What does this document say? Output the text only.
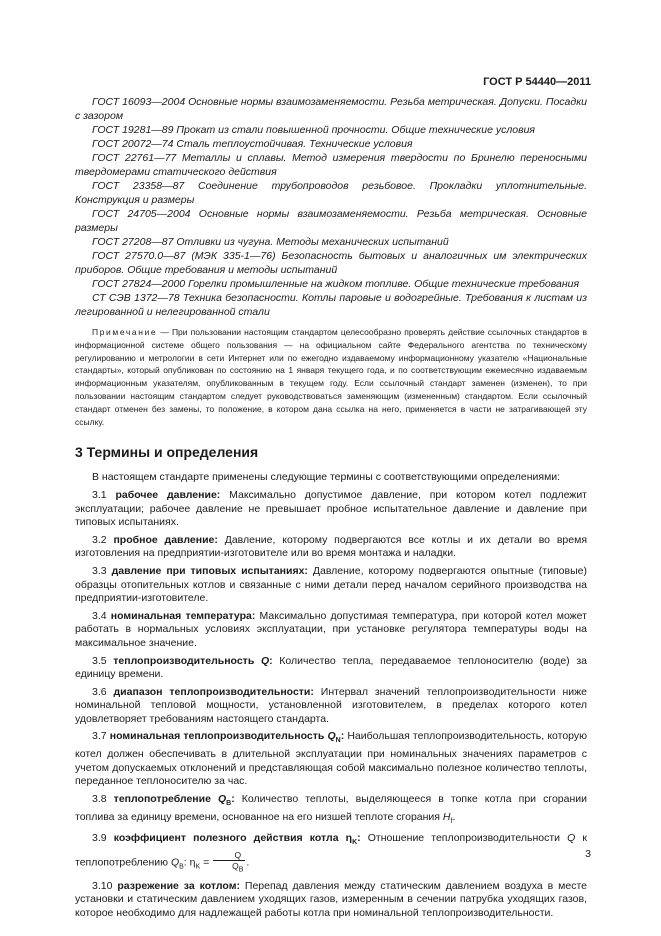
ГОСТ Р 54440—2011

ГОСТ 16093—2004 Основные нормы взаимозаменяемости. Резьба метрическая. Допуски. Посадки с зазором

ГОСТ 19281—89 Прокат из стали повышенной прочности. Общие технические условия

ГОСТ 20072—74 Сталь теплоустойчивая. Технические условия

ГОСТ 22761—77 Металлы и сплавы. Метод измерения твердости по Бринелю переносными твердомерами статического действия

ГОСТ 23358—87 Соединение трубопроводов резьбовое. Прокладки уплотнительные. Конструкция и размеры

ГОСТ 24705—2004 Основные нормы взаимозаменяемости. Резьба метрическая. Основные размеры

ГОСТ 27208—87 Отливки из чугуна. Методы механических испытаний

ГОСТ 27570.0—87 (МЭК 335-1—76) Безопасность бытовых и аналогичных им электрических приборов. Общие требования и методы испытаний

ГОСТ 27824—2000 Горелки промышленные на жидком топливе. Общие технические требования

СТ СЭВ 1372—78 Техника безопасности. Котлы паровые и водогрейные. Требования к листам из легированной и нелегированной стали

Примечание — При пользовании настоящим стандартом целесообразно проверять действие ссылочных стандартов в информационной системе общего пользования — на официальном сайте Федерального агентства по техническому регулированию и метрологии в сети Интернет или по ежегодно издаваемому информационному указателю «Национальные стандарты», который опубликован по состоянию на 1 января текущего года, и по соответствующим ежемесячно издаваемым информационным указателям, опубликованным в текущем году. Если ссылочный стандарт заменен (изменен), то при пользовании настоящим стандартом следует руководствоваться заменяющим (измененным) стандартом. Если ссылочный стандарт отменен без замены, то положение, в котором дана ссылка на него, применяется в части не затрагивающей эту ссылку.

3 Термины и определения

В настоящем стандарте применены следующие термины с соответствующими определениями:

3.1 рабочее давление: Максимально допустимое давление, при котором котел подлежит эксплуатации; рабочее давление не превышает пробное испытательное давление и давление при типовых испытаниях.

3.2 пробное давление: Давление, которому подвергаются все котлы и их детали во время изготовления на предприятии-изготовителе или во время монтажа и наладки.

3.3 давление при типовых испытаниях: Давление, которому подвергаются опытные (типовые) образцы отопительных котлов и связанные с ними детали перед началом серийного производства на предприятии-изготовителе.

3.4 номинальная температура: Максимально допустимая температура, при которой котел может работать в нормальных условиях эксплуатации, при установке регулятора температуры воды на максимальное значение.

3.5 теплопроизводительность Q: Количество тепла, передаваемое теплоносителю (воде) за единицу времени.

3.6 диапазон теплопроизводительности: Интервал значений теплопроизводительности ниже номинальной тепловой мощности, установленной изготовителем, в пределах которого котел удовлетворяет требованиям настоящего стандарта.

3.7 номинальная теплопроизводительность $Q_N$: Наибольшая теплопроизводительность, которую котел должен обеспечивать в длительной эксплуатации при номинальных значениях параметров с учетом допускаемых отклонений и представляющая собой максимально полезное количество теплоты, переданное теплоносителю за час.

3.8 теплопотребление $Q_B$: Количество теплоты, выделяющееся в топке котла при сгорании топлива за единицу времени, основанное на его низшей теплоте сгорания $H_f$.

3.9 коэффициент полезного действия котла $\eta_K$: Отношение теплопроизводительности Q к теплопотреблению $Q_B$: $\eta_K = \frac{Q}{Q_B}$ .

3.10 разрежение за котлом: Перепад давления между статическим давлением воздуха в месте установки и статическим давлением уходящих газов, измеренным в сечении патрубка уходящих газов, которое необходимо для надлежащей работы котла при номинальной теплопроизводительности.

3
